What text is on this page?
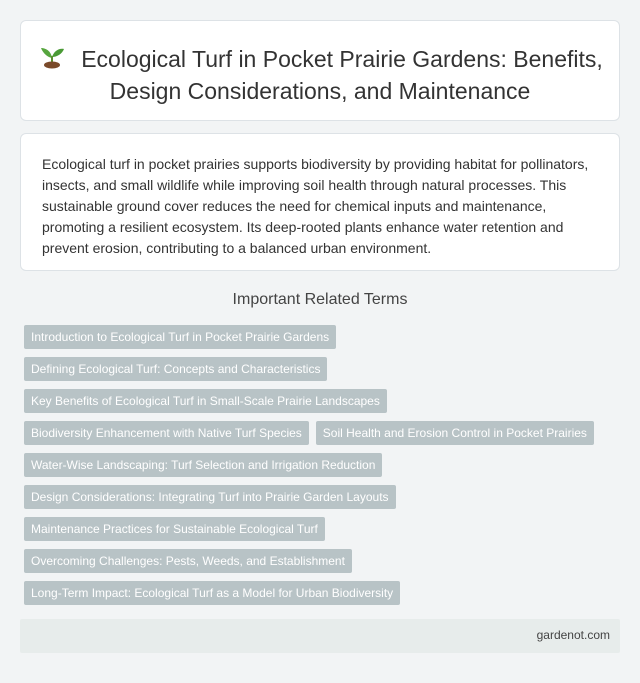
Ecological Turf in Pocket Prairie Gardens: Benefits, Design Considerations, and Maintenance

Ecological turf in pocket prairies supports biodiversity by providing habitat for pollinators, insects, and small wildlife while improving soil health through natural processes. This sustainable ground cover reduces the need for chemical inputs and maintenance, promoting a resilient ecosystem. Its deep-rooted plants enhance water retention and prevent erosion, contributing to a balanced urban environment.

Important Related Terms
Introduction to Ecological Turf in Pocket Prairie Gardens
Defining Ecological Turf: Concepts and Characteristics
Key Benefits of Ecological Turf in Small-Scale Prairie Landscapes
Biodiversity Enhancement with Native Turf Species	Soil Health and Erosion Control in Pocket Prairies
Water-Wise Landscaping: Turf Selection and Irrigation Reduction
Design Considerations: Integrating Turf into Prairie Garden Layouts
Maintenance Practices for Sustainable Ecological Turf
Overcoming Challenges: Pests, Weeds, and Establishment
Long-Term Impact: Ecological Turf as a Model for Urban Biodiversity
gardenot.com
